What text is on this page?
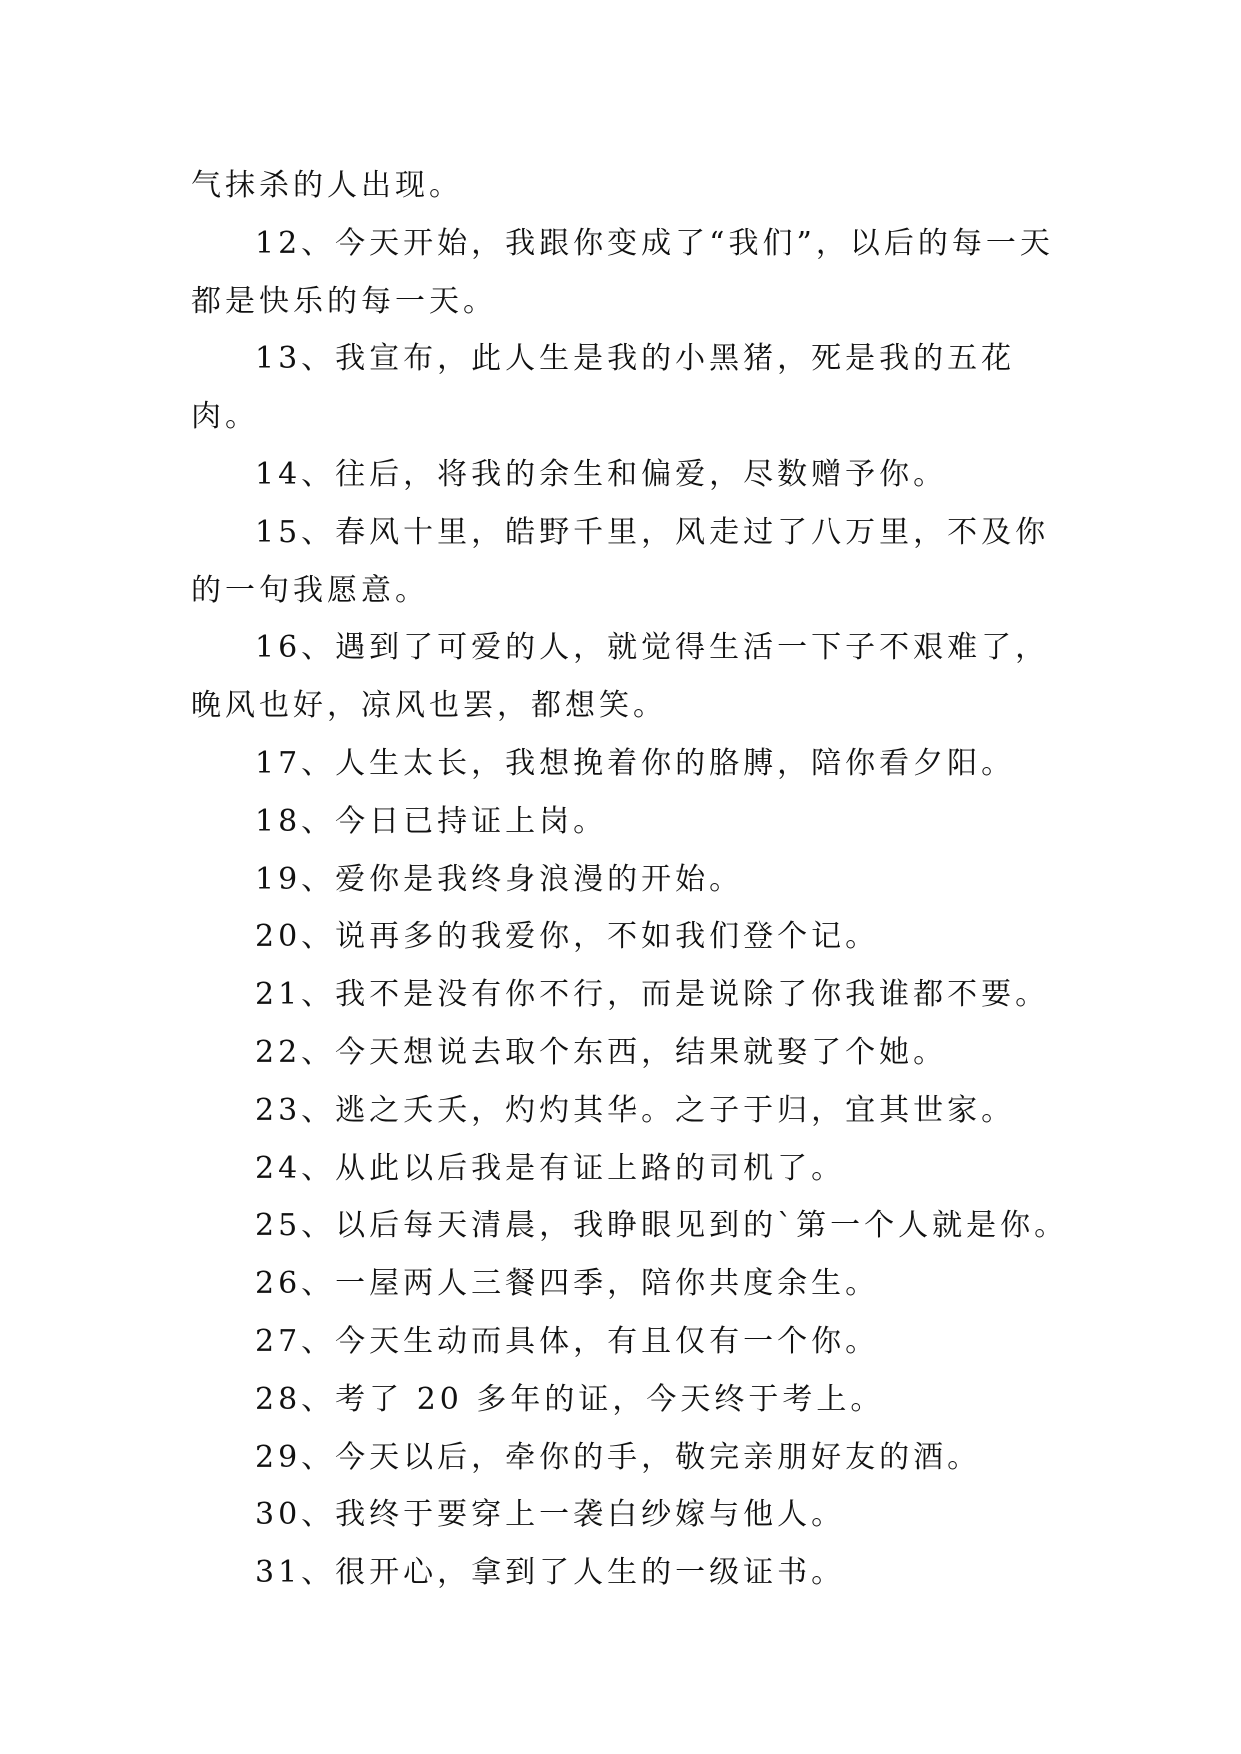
气抹杀的人出现。

12、今天开始，我跟你变成了“我们”，以后的每一天都是快乐的每一天。

13、我宣布，此人生是我的小黑猪，死是我的五花肉。

14、往后，将我的余生和偏爱，尽数赠予你。

15、春风十里，皓野千里，风走过了八万里，不及你的一句我愿意。

16、遇到了可爱的人，就觉得生活一下子不艰难了，晚风也好，凉风也罢，都想笑。

17、人生太长，我想挽着你的胳膊，陪你看夕阳。

18、今日已持证上岗。

19、爱你是我终身浪漫的开始。

20、说再多的我爱你，不如我们登个记。

21、我不是没有你不行，而是说除了你我谁都不要。

22、今天想说去取个东西，结果就娶了个她。

23、逃之夭夭，灼灼其华。之子于归，宜其世家。

24、从此以后我是有证上路的司机了。

25、以后每天清晨，我睁眼见到的`第一个人就是你。

26、一屋两人三餐四季，陪你共度余生。

27、今天生动而具体，有且仅有一个你。

28、考了 20 多年的证，今天终于考上。

29、今天以后，牵你的手，敬完亲朋好友的酒。

30、我终于要穿上一袭白纱嫁与他人。

31、很开心，拿到了人生的一级证书。
